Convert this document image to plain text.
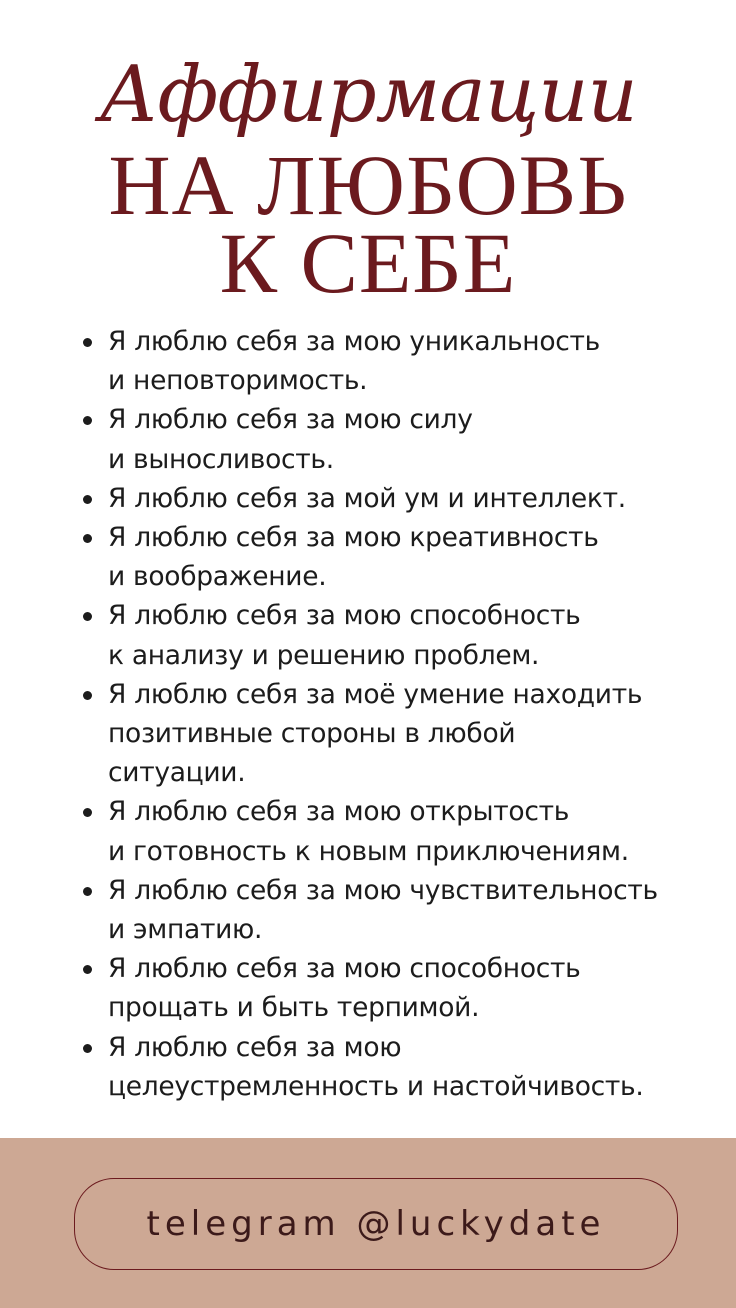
Аффирмации
НА ЛЮБОВЬ
К СЕБЕ
Я люблю себя за мою уникальность
и неповторимость.
Я люблю себя за мою силу
и выносливость.
Я люблю себя за мой ум и интеллект.
Я люблю себя за мою креативность
и воображение.
Я люблю себя за мою способность
к анализу и решению проблем.
Я люблю себя за моё умение находить
позитивные стороны в любой
ситуации.
Я люблю себя за мою открытость
и готовность к новым приключениям.
Я люблю себя за мою чувствительность
и эмпатию.
Я люблю себя за мою способность
прощать и быть терпимой.
Я люблю себя за мою
целеустремленность и настойчивость.
telegram @luckydate
